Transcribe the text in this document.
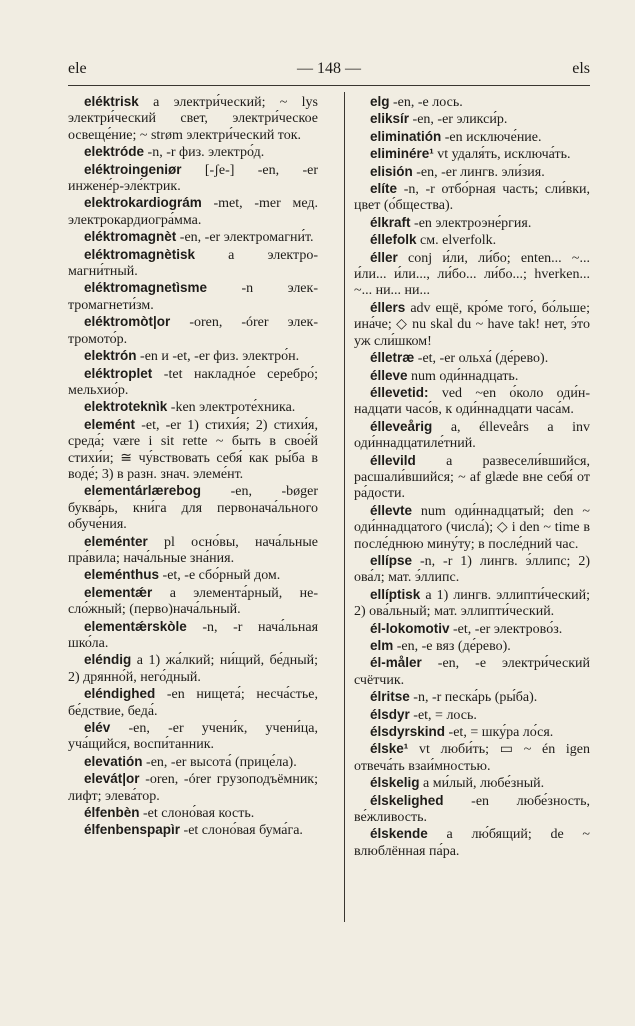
ele	— 148 —	els

eléktrisk a электри́ческий; ~ lys электри́ческий свет, электри́ческое освеще́ние; ~ strøm электри́ческий ток.

elektróde -n, -r физ. электро́д.

eléktroingeniør [-ʃe-] -en, -er инжене́р-эле́ктрик.

elektrokardiográm -met, -mer мед. электрокардиогра́мма.

eléktromagnèt -en, -er электромагни́т.

eléktromagnètisk a электромагни́тный.

eléktromagnetìsme -n электромагнети́зм.

eléktromòt|or -oren, -órer электромото́р.

elektrón -en и -et, -er физ. электро́н.

eléktroplet -tet накладно́е серебро́; мельхио́р.

elektroteknìk -ken электроте́хника.

elemént -et, -er 1) стихи́я; 2) стихи́я, среда́; være i sit rette ~ быть в свое́й стихи́и; ≅ чу́вствовать себя́ как ры́ба в воде́; 3) в разн. знач. элеме́нт.

elementárlærebog -en, -bøger буква́рь, кни́га для первонача́льного обуче́ния.

eleménter pl осно́вы, нача́льные пра́вила; нача́льные зна́ния.

eleménthus -et, -e сбо́рный дом.

elementǽr a элемента́рный, несло́жный; (перво)нача́льный.

elementǽrskòle -n, -r нача́льная шко́ла.

eléndig a 1) жа́лкий; ни́щий, бе́дный; 2) дрянно́й, него́дный.

eléndighed -en нищета́; несча́стье, бе́дствие, беда́.

elév -en, -er учени́к, учени́ца, уча́щийся, воспи́танник.

elevatión -en, -er высота́ (прице́ла).

elevát|or -oren, -órer грузоподъёмник; лифт; элева́тор.

élfenbèn -et слоно́вая кость.

élfenbenspapìr -et слоно́вая бума́га.

elg -en, -e лось.

eliksír -en, -er эликси́р.

eliminatión -en исключе́ние.

eliminére¹ vt удаля́ть, исключа́ть.

elisión -en, -er лингв. эли́зия.

elíte -n, -r отбо́рная часть; сли́вки, цвет (о́бщества).

élkraft -en электроэне́ргия.

éllefolk см. elverfolk.

éller conj и́ли, ли́бо; enten... ~... и́ли... и́ли..., ли́бо... ли́бо...; hverken... ~... ни... ни...

éllers adv ещё, кро́ме того́, бо́льше; ина́че; ◇ nu skal du ~ have tak! нет, э́то уж сли́шком!

élletræ -et, -er ольха́ (де́рево).

élleve num оди́ннадцать.

éllevetid: ved ~en о́коло оди́ннадцати часо́в, к оди́ннадцати часа́м.

élleveårig a, élleveårs a inv оди́ннадцатиле́тний.

éllevild a развесели́вшийся, расшали́вшийся; ~ af glæde вне себя́ от ра́дости.

éllevte num оди́ннадцатый; den ~ оди́ннадцатого (числа́); ◇ i den ~ time в после́днюю мину́ту; в после́дний час.

ellípse -n, -r 1) лингв. э́ллипс; 2) ова́л; мат. э́ллипс.

ellíptisk a 1) лингв. эллипти́ческий; 2) ова́льный; мат. эллипти́ческий.

él-lokomotiv -et, -er электрово́з.

elm -en, -e вяз (де́рево).

él-måler -en, -e электри́ческий счётчик.

élritse -n, -r песка́рь (ры́ба).

élsdyr -et, = лось.

élsdyrskind -et, = шку́ра ло́ся.

élske¹ vt люби́ть; ▭ ~ én igen отвеча́ть взаи́мностью.

élskelig a ми́лый, любе́зный.

élskelighed -en любе́зность, ве́жливость.

élskende a лю́бящий; de ~ влюблённая па́ра.
